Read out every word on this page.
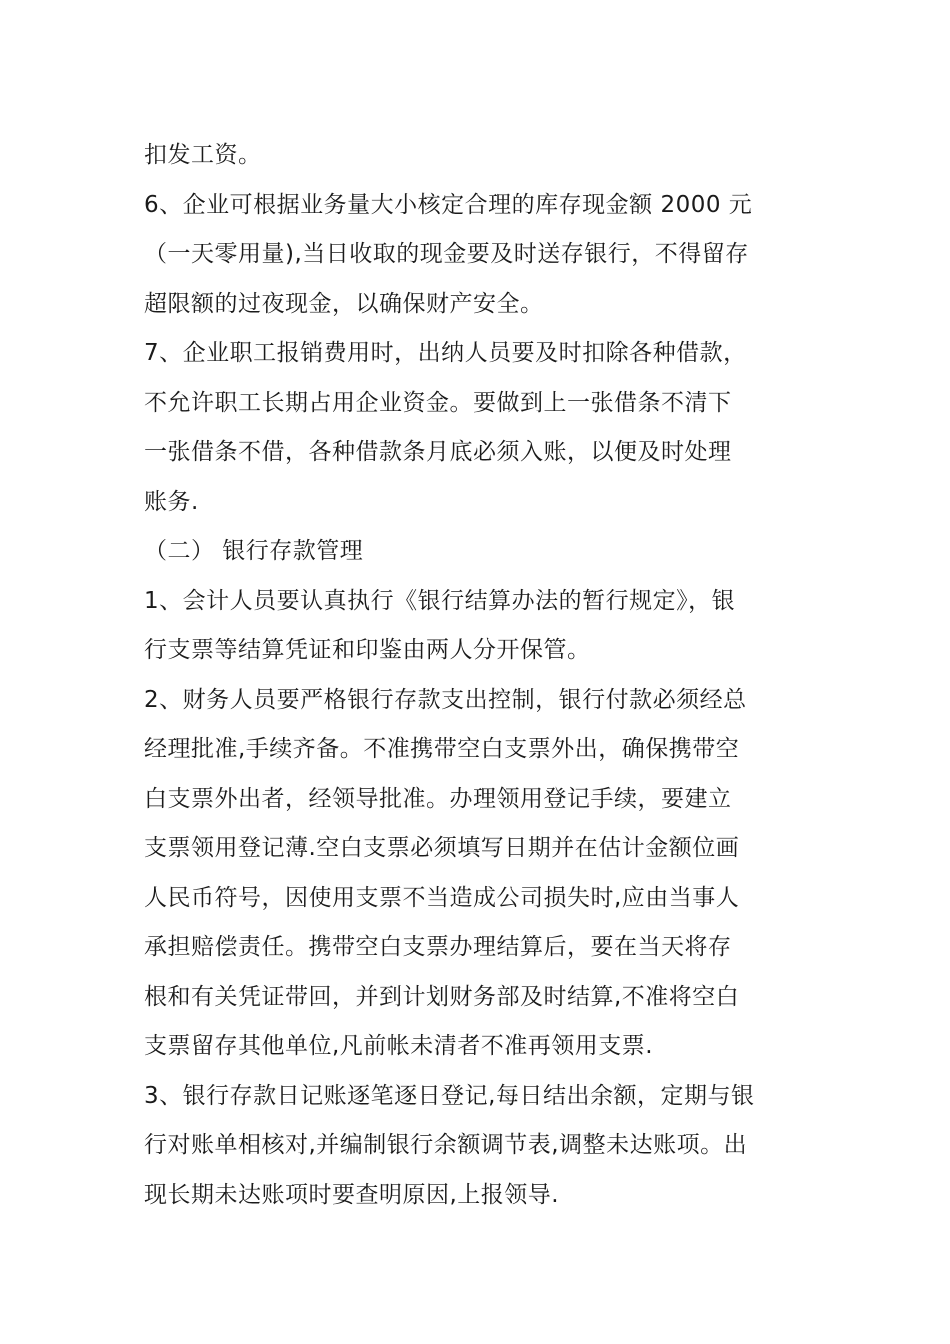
扣发工资。
6、企业可根据业务量大小核定合理的库存现金额 2000 元
（一天零用量),当日收取的现金要及时送存银行，不得留存
超限额的过夜现金，以确保财产安全。
7、企业职工报销费用时，出纳人员要及时扣除各种借款，
不允许职工长期占用企业资金。要做到上一张借条不清下
一张借条不借，各种借款条月底必须入账，以便及时处理
账务.
（二） 银行存款管理
1、会计人员要认真执行《银行结算办法的暂行规定》，银
行支票等结算凭证和印鉴由两人分开保管。
2、财务人员要严格银行存款支出控制，银行付款必须经总
经理批准,手续齐备。不准携带空白支票外出，确保携带空
白支票外出者，经领导批准。办理领用登记手续，要建立
支票领用登记薄.空白支票必须填写日期并在估计金额位画
人民币符号，因使用支票不当造成公司损失时,应由当事人
承担赔偿责任。携带空白支票办理结算后，要在当天将存
根和有关凭证带回，并到计划财务部及时结算,不准将空白
支票留存其他单位,凡前帐未清者不准再领用支票.
3、银行存款日记账逐笔逐日登记,每日结出余额，定期与银
行对账单相核对,并编制银行余额调节表,调整未达账项。出
现长期未达账项时要查明原因,上报领导.
